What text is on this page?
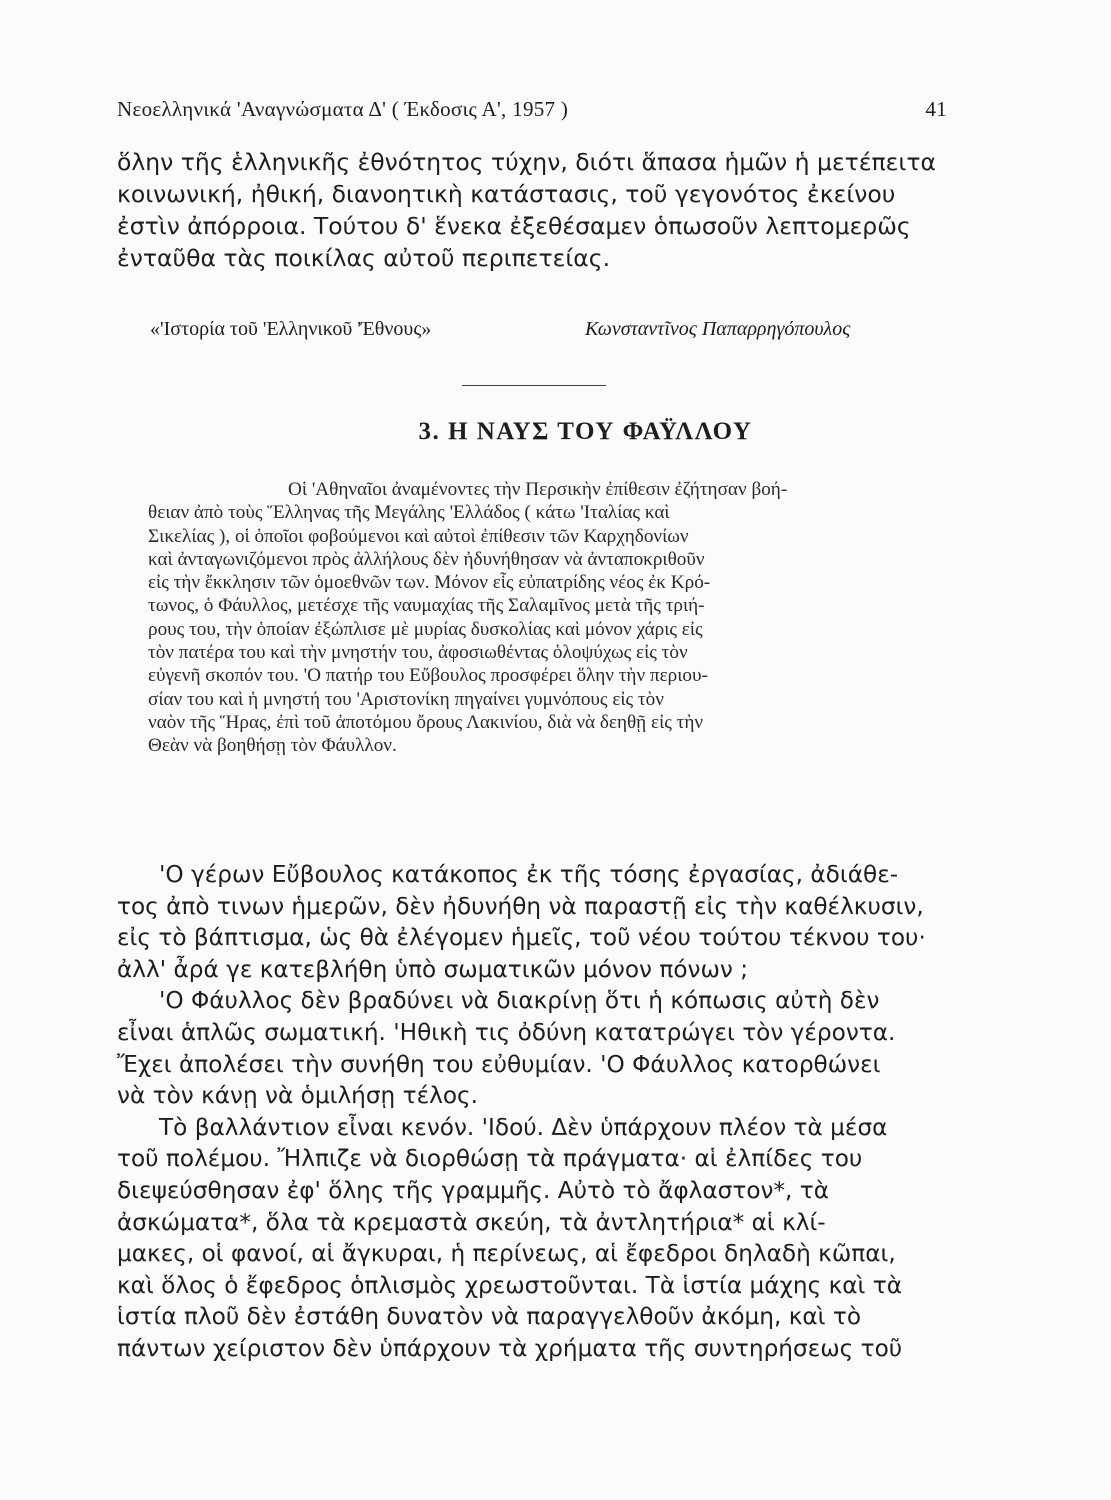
Νεοελληνικά 'Αναγνώσματα Δ' ( Έκδοσις Α', 1957 )	41
ὅλην τῆς ἑλληνικῆς ἐθνότητος τύχην, διότι ἅπασα ἡμῶν ἡ μετέπειτα
κοινωνική, ἠθική, διανοητικὴ κατάστασις, τοῦ γεγονότος ἐκείνου
ἐστὶν ἀπόρροια. Τούτου δ' ἕνεκα ἐξεθέσαμεν ὁπωσοῦν λεπτομερῶς
ἐνταῦθα τὰς ποικίλας αὐτοῦ περιπετείας.
«'Ιστορία τοῦ 'Ελληνικοῦ 'Έθνους»	Κωνσταντῖνος Παπαρρηγόπουλος
3. Η ΝΑΥΣ ΤΟΥ ΦΑΫΛΛΟΥ
Οἱ 'Αθηναῖοι ἀναμένοντες τὴν Περσικὴν ἐπίθεσιν ἐζήτησαν βοή-
θειαν ἀπὸ τοὺς Ἕλληνας τῆς Μεγάλης 'Ελλάδος ( κάτω 'Ιταλίας καὶ
Σικελίας ), οἱ ὁποῖοι φοβούμενοι καὶ αὐτοὶ ἐπίθεσιν τῶν Καρχηδονίων
καὶ ἀνταγωνιζόμενοι πρὸς ἀλλήλους δὲν ἠδυνήθησαν νὰ ἀνταποκριθοῦν
εἰς τὴν ἔκκλησιν τῶν ὁμοεθνῶν των. Μόνον εἷς εὐπατρίδης νέος ἐκ Κρό-
τωνος, ὁ Φάυλλος, μετέσχε τῆς ναυμαχίας τῆς Σαλαμῖνος μετὰ τῆς τριή-
ρους του, τὴν ὁποίαν ἐξώπλισε μὲ μυρίας δυσκολίας καὶ μόνον χάρις εἰς
τὸν πατέρα του καὶ τὴν μνηστήν του, ἀφοσιωθέντας ὁλοψύχως εἰς τὸν
εὐγενῆ σκοπόν του. 'Ο πατήρ του Εὔβουλος προσφέρει ὅλην τὴν περιου-
σίαν του καὶ ἡ μνηστή του 'Αριστονίκη πηγαίνει γυμνόπους εἰς τὸν
ναὸν τῆς Ἥρας, ἐπὶ τοῦ ἀποτόμου ὄρους Λακινίου, διὰ νὰ δεηθῇ εἰς τὴν
Θεὰν νὰ βοηθήσῃ τὸν Φάυλλον.
'Ο γέρων Εὔβουλος κατάκοπος ἐκ τῆς τόσης ἐργασίας, ἀδιάθε-
τος ἀπὸ τινων ἡμερῶν, δὲν ἠδυνήθη νὰ παραστῇ εἰς τὴν καθέλκυσιν,
εἰς τὸ βάπτισμα, ὡς θὰ ἐλέγομεν ἡμεῖς, τοῦ νέου τούτου τέκνου του·
ἀλλ' ἆρά γε κατεβλήθη ὑπὸ σωματικῶν μόνον πόνων ;
'Ο Φάυλλος δὲν βραδύνει νὰ διακρίνῃ ὅτι ἡ κόπωσις αὐτὴ δὲν
εἶναι ἁπλῶς σωματική. 'Ηθικὴ τις ὀδύνη κατατρώγει τὸν γέροντα.
Ἔχει ἀπολέσει τὴν συνήθη του εὐθυμίαν. 'Ο Φάυλλος κατορθώνει
νὰ τὸν κάνῃ νὰ ὁμιλήσῃ τέλος.
Τὸ βαλλάντιον εἶναι κενόν. 'Ιδού. Δὲν ὑπάρχουν πλέον τὰ μέσα
τοῦ πολέμου. Ἤλπιζε νὰ διορθώσῃ τὰ πράγματα· αἱ ἐλπίδες του
διεψεύσθησαν ἐφ' ὅλης τῆς γραμμῆς. Αὐτὸ τὸ ἄφλαστον*, τὰ
ἀσκώματα*, ὅλα τὰ κρεμαστὰ σκεύη, τὰ ἀντλητήρια* αἱ κλί-
μακες, οἱ φανοί, αἱ ἄγκυραι, ἡ περίνεως, αἱ ἔφεδροι δηλαδὴ κῶπαι,
καὶ ὅλος ὁ ἔφεδρος ὁπλισμὸς χρεωστοῦνται. Τὰ ἱστία μάχης καὶ τὰ
ἱστία πλοῦ δὲν ἐστάθη δυνατὸν νὰ παραγγελθοῦν ἀκόμη, καὶ τὸ
πάντων χείριστον δὲν ὑπάρχουν τὰ χρήματα τῆς συντηρήσεως τοῦ
